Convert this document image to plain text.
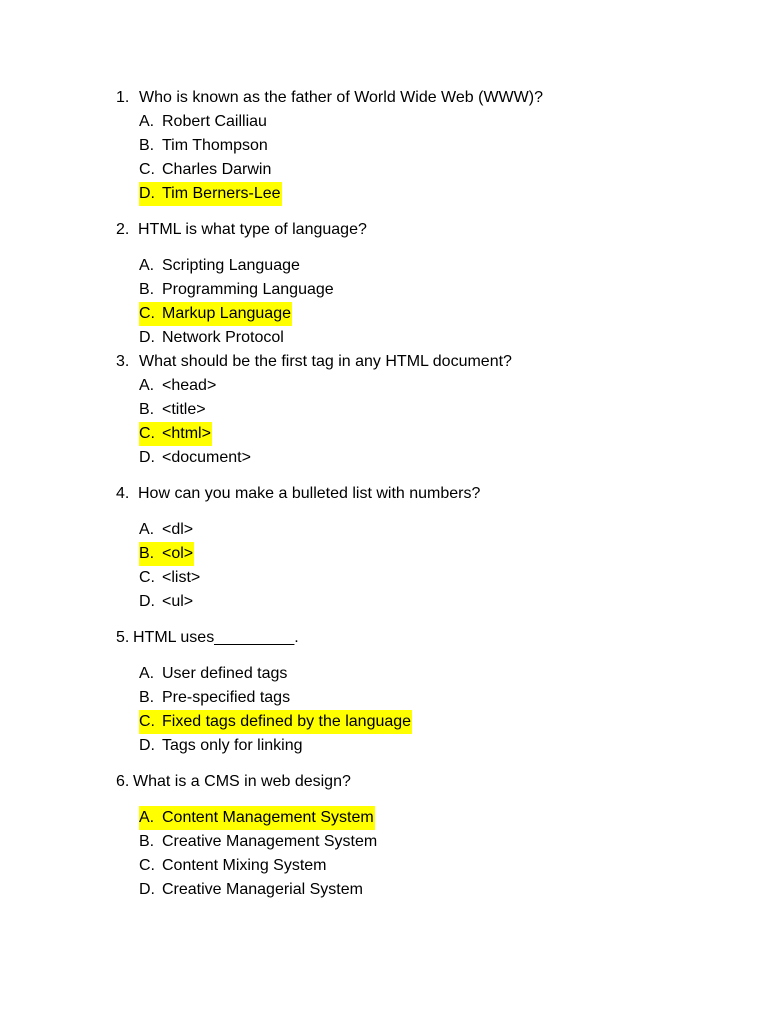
1. Who is known as the father of World Wide Web (WWW)?
A. Robert Cailliau
B. Tim Thompson
C. Charles Darwin
D. Tim Berners-Lee
2. HTML is what type of language?
A. Scripting Language
B. Programming Language
C. Markup Language
D. Network Protocol
3. What should be the first tag in any HTML document?
A. <head>
B. <title>
C. <html>
D. <document>
4. How can you make a bulleted list with numbers?
A. <dl>
B. <ol>
C. <list>
D. <ul>
5. HTML uses_________.
A. User defined tags
B. Pre-specified tags
C. Fixed tags defined by the language
D. Tags only for linking
6. What is a CMS in web design?
A. Content Management System
B. Creative Management System
C. Content Mixing System
D. Creative Managerial System
